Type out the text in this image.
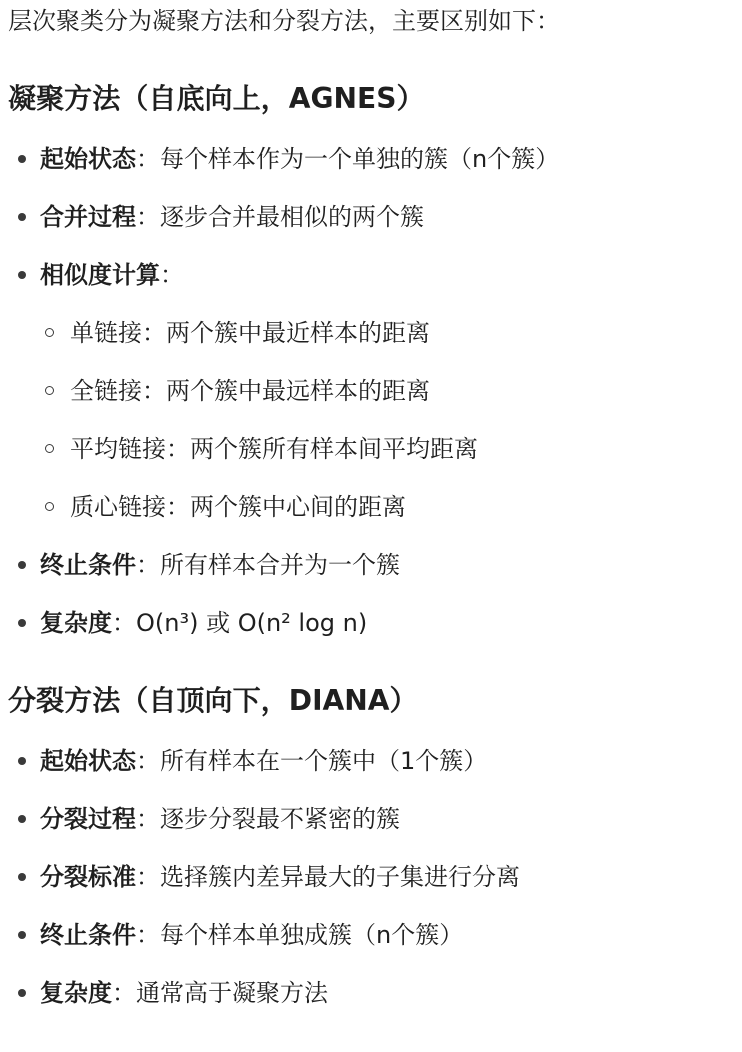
层次聚类分为凝聚方法和分裂方法，主要区别如下：

凝聚方法（自底向上，AGNES）
起始状态：每个样本作为一个单独的簇（n个簇）
合并过程：逐步合并最相似的两个簇
相似度计算：
单链接：两个簇中最近样本的距离
全链接：两个簇中最远样本的距离
平均链接：两个簇所有样本间平均距离
质心链接：两个簇中心间的距离
终止条件：所有样本合并为一个簇
复杂度：O(n³) 或 O(n² log n)
分裂方法（自顶向下，DIANA）
起始状态：所有样本在一个簇中（1个簇）
分裂过程：逐步分裂最不紧密的簇
分裂标准：选择簇内差异最大的子集进行分离
终止条件：每个样本单独成簇（n个簇）
复杂度：通常高于凝聚方法
